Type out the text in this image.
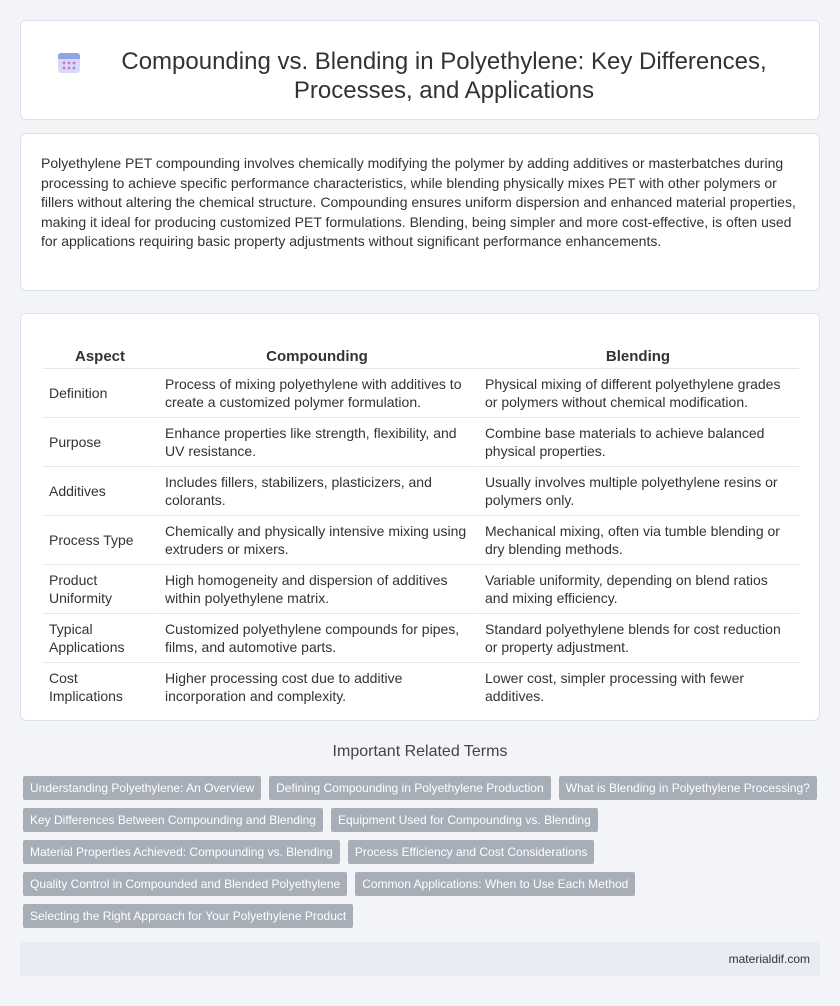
Compounding vs. Blending in Polyethylene: Key Differences, Processes, and Applications

Polyethylene PET compounding involves chemically modifying the polymer by adding additives or masterbatches during processing to achieve specific performance characteristics, while blending physically mixes PET with other polymers or fillers without altering the chemical structure. Compounding ensures uniform dispersion and enhanced material properties, making it ideal for producing customized PET formulations. Blending, being simpler and more cost-effective, is often used for applications requiring basic property adjustments without significant performance enhancements.

Aspect	Compounding	Blending
Definition	Process of mixing polyethylene with additives to create a customized polymer formulation.	Physical mixing of different polyethylene grades or polymers without chemical modification.
Purpose	Enhance properties like strength, flexibility, and UV resistance.	Combine base materials to achieve balanced physical properties.
Additives	Includes fillers, stabilizers, plasticizers, and colorants.	Usually involves multiple polyethylene resins or polymers only.
Process Type	Chemically and physically intensive mixing using extruders or mixers.	Mechanical mixing, often via tumble blending or dry blending methods.
Product Uniformity	High homogeneity and dispersion of additives within polyethylene matrix.	Variable uniformity, depending on blend ratios and mixing efficiency.
Typical Applications	Customized polyethylene compounds for pipes, films, and automotive parts.	Standard polyethylene blends for cost reduction or property adjustment.
Cost Implications	Higher processing cost due to additive incorporation and complexity.	Lower cost, simpler processing with fewer additives.
Important Related Terms
Understanding Polyethylene: An Overview	Defining Compounding in Polyethylene Production	What is Blending in Polyethylene Processing?
Key Differences Between Compounding and Blending	Equipment Used for Compounding vs. Blending
Material Properties Achieved: Compounding vs. Blending	Process Efficiency and Cost Considerations
Quality Control in Compounded and Blended Polyethylene	Common Applications: When to Use Each Method
Selecting the Right Approach for Your Polyethylene Product
materialdif.com
